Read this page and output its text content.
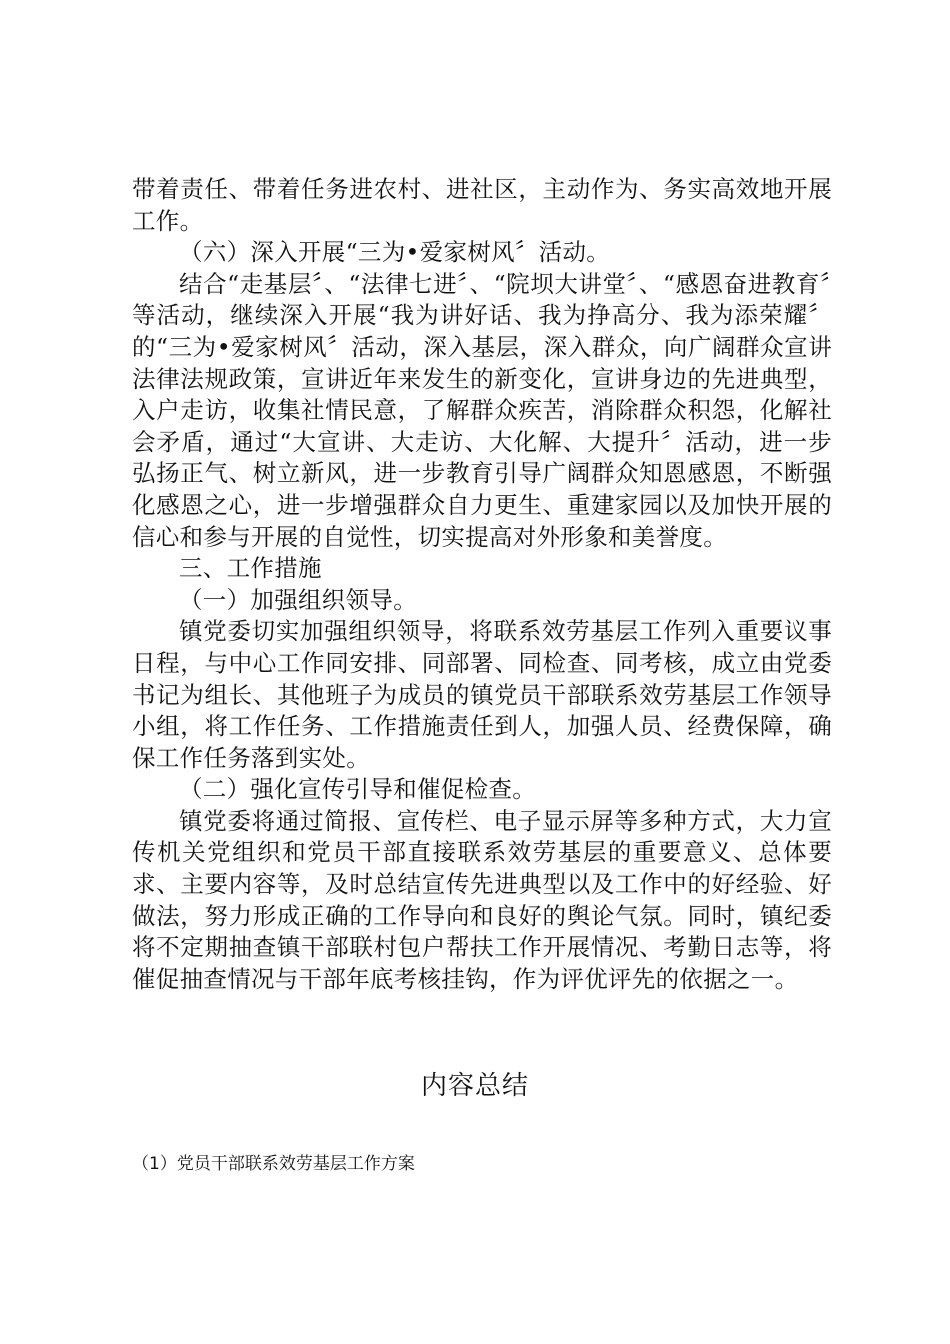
带着责任、带着任务进农村、进社区，主动作为、务实高效地开展工作。

（六）深入开展“三为•爱家树风〞活动。

结合“走基层〞、“法律七进〞、“院坝大讲堂〞、“感恩奋进教育〞等活动，继续深入开展“我为讲好话、我为挣高分、我为添荣耀〞的“三为•爱家树风〞活动，深入基层，深入群众，向广阔群众宣讲法律法规政策，宣讲近年来发生的新变化，宣讲身边的先进典型，入户走访，收集社情民意，了解群众疾苦，消除群众积怨，化解社会矛盾，通过“大宣讲、大走访、大化解、大提升〞活动，进一步弘扬正气、树立新风，进一步教育引导广阔群众知恩感恩，不断强化感恩之心，进一步增强群众自力更生、重建家园以及加快开展的信心和参与开展的自觉性，切实提高对外形象和美誉度。

三、工作措施

（一）加强组织领导。

镇党委切实加强组织领导，将联系效劳基层工作列入重要议事日程，与中心工作同安排、同部署、同检查、同考核，成立由党委书记为组长、其他班子为成员的镇党员干部联系效劳基层工作领导小组，将工作任务、工作措施责任到人，加强人员、经费保障，确保工作任务落到实处。

（二）强化宣传引导和催促检查。

镇党委将通过简报、宣传栏、电子显示屏等多种方式，大力宣传机关党组织和党员干部直接联系效劳基层的重要意义、总体要求、主要内容等，及时总结宣传先进典型以及工作中的好经验、好做法，努力形成正确的工作导向和良好的舆论气氛。同时，镇纪委将不定期抽查镇干部联村包户帮扶工作开展情况、考勤日志等，将催促抽查情况与干部年底考核挂钩，作为评优评先的依据之一。

内容总结
（1）党员干部联系效劳基层工作方案
